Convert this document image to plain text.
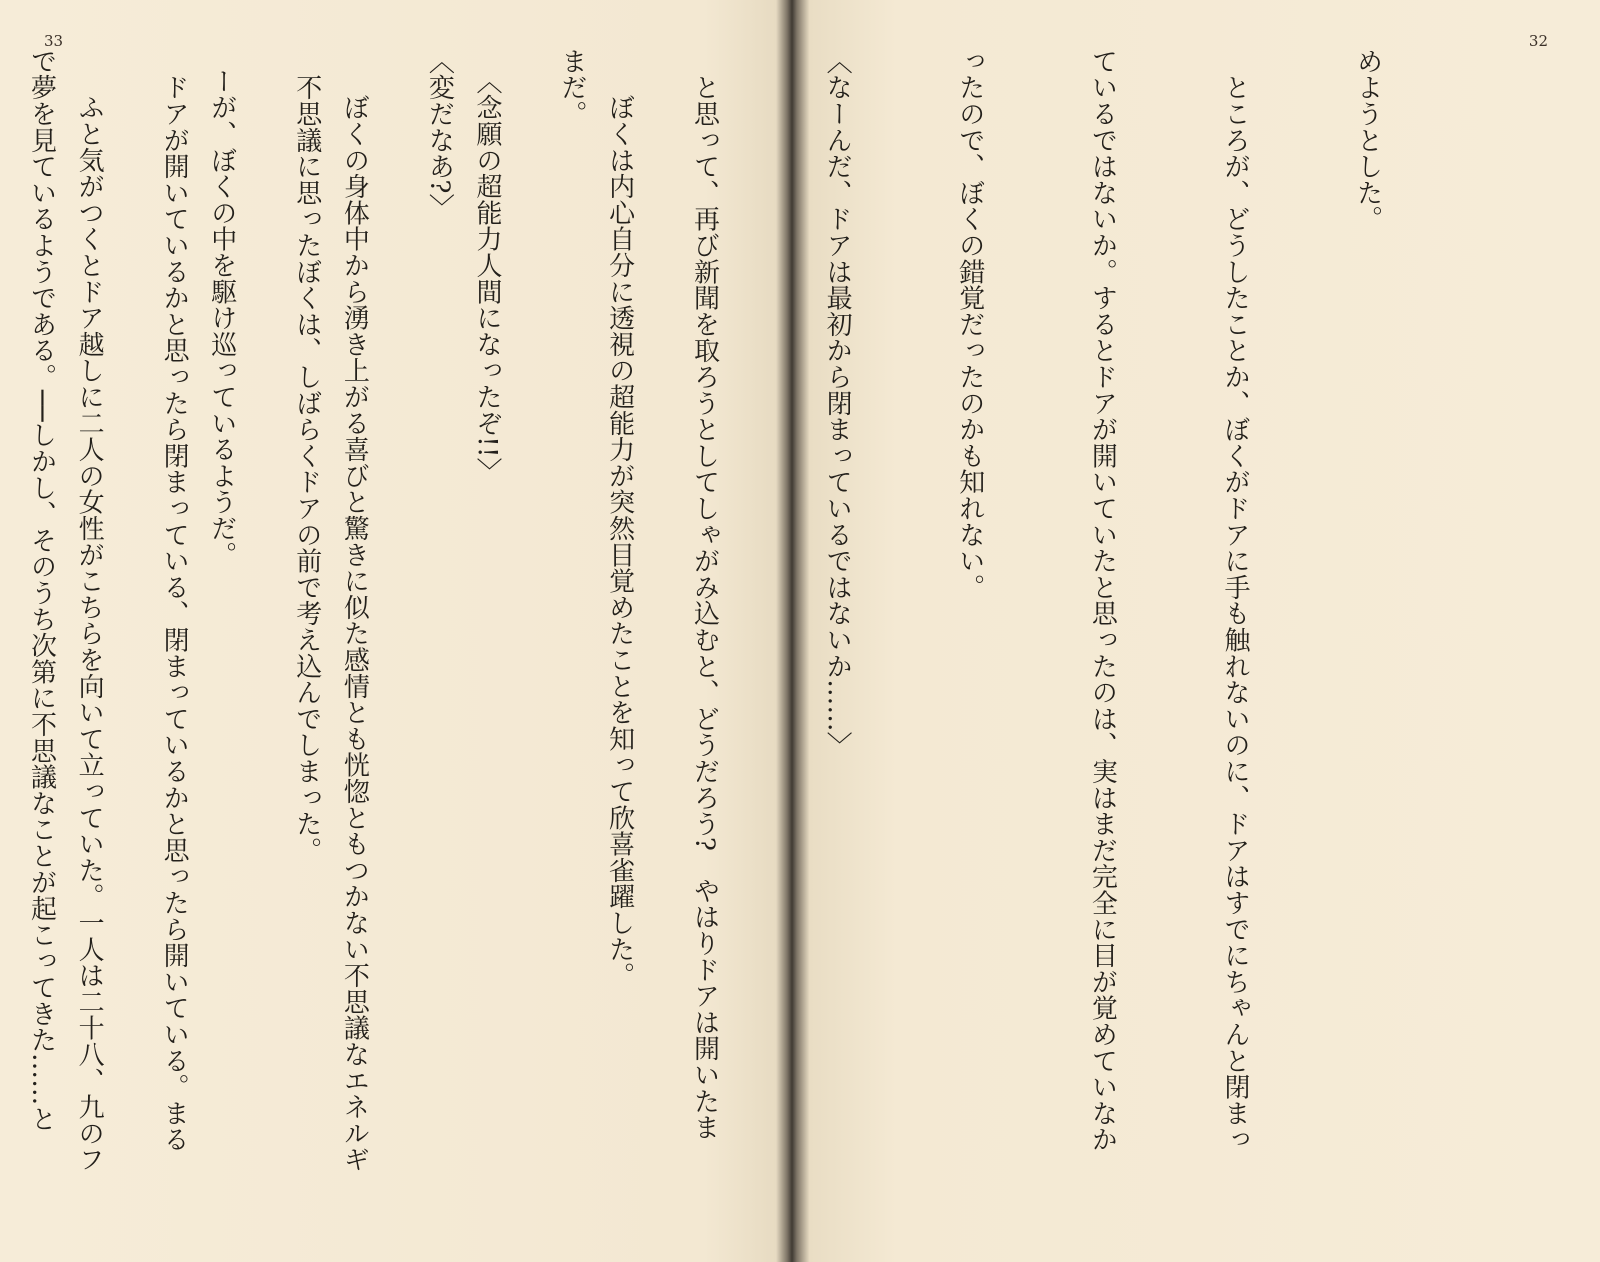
33

　ぼくは内心自分に透視の超能力が突然目覚めたことを知って欣喜雀躍した。

〈念願の超能力人間になったぞ!!〉

　ぼくの身体中から湧き上がる喜びと驚きに似た感情とも恍惚ともつかない不思議なエネルギ

ーが、ぼくの中を駆け巡っているようだ。

　ふと気がつくとドア越しに二人の女性がこちらを向いて立っていた。一人は二十八、九のフ

32

めようとした。

　ところが、どうしたことか、ぼくがドアに手も触れないのに、ドアはすでにちゃんと閉まっ

ているではないか。するとドアが開いていたと思ったのは、実はまだ完全に目が覚めていなか

ったので、ぼくの錯覚だったのかも知れない。

〈なーんだ、ドアは最初から閉まっているではないか……〉

　と思って、再び新聞を取ろうとしてしゃがみ込むと、どうだろう?　やはりドアは開いたま

まだ。

〈変だなあ?〉

　不思議に思ったぼくは、しばらくドアの前で考え込んでしまった。

　ドアが開いているかと思ったら閉まっている、閉まっているかと思ったら開いている。まる

で夢を見ているようである。──しかし、そのうち次第に不思議なことが起こってきた……と
